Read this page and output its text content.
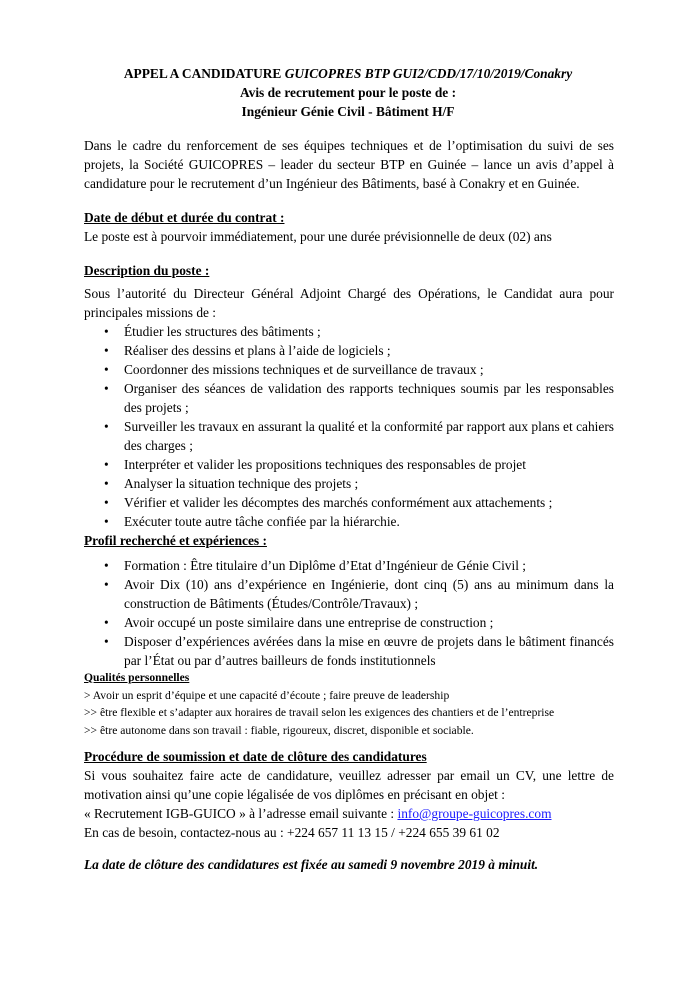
APPEL A CANDIDATURE GUICOPRES BTP GUI2/CDD/17/10/2019/Conakry
Avis de recrutement pour le poste de :
Ingénieur Génie Civil - Bâtiment H/F
Dans le cadre du renforcement de ses équipes techniques et de l’optimisation du suivi de ses projets, la Société GUICOPRES – leader du secteur BTP en Guinée – lance un avis d’appel à candidature pour le recrutement d’un Ingénieur des Bâtiments, basé à Conakry et en Guinée.
Date de début et durée du contrat :
Le poste est à pourvoir immédiatement, pour une durée prévisionnelle de deux (02) ans
Description du poste :
Sous l’autorité du Directeur Général Adjoint Chargé des Opérations, le Candidat aura pour principales missions de :
• Étudier les structures des bâtiments ;
• Réaliser des dessins et plans à l’aide de logiciels ;
• Coordonner des missions techniques et de surveillance de travaux ;
• Organiser des séances de validation des rapports techniques soumis par les responsables des projets ;
• Surveiller les travaux en assurant la qualité et la conformité par rapport aux plans et cahiers des charges ;
• Interpréter et valider les propositions techniques des responsables de projet
• Analyser la situation technique des projets ;
• Vérifier et valider les décomptes des marchés conformément aux attachements ;
• Exécuter toute autre tâche confiée par la hiérarchie.
Profil recherché et expériences :
• Formation : Être titulaire d’un Diplôme d’Etat d’Ingénieur de Génie Civil ;
• Avoir Dix (10) ans d’expérience en Ingénierie, dont cinq (5) ans au minimum dans la construction de Bâtiments (Études/Contrôle/Travaux) ;
• Avoir occupé un poste similaire dans une entreprise de construction ;
• Disposer d’expériences avérées dans la mise en œuvre de projets dans le bâtiment financés par l’État ou par d’autres bailleurs de fonds institutionnels
Qualités personnelles
> Avoir un esprit d’équipe et une capacité d’écoute ; faire preuve de leadership
>> être flexible et s’adapter aux horaires de travail selon les exigences des chantiers et de l’entreprise
>> être autonome dans son travail : fiable, rigoureux, discret, disponible et sociable.
Procédure de soumission et date de clôture des candidatures
Si vous souhaitez faire acte de candidature, veuillez adresser par email un CV, une lettre de motivation ainsi qu’une copie légalisée de vos diplômes en précisant en objet :
« Recrutement IGB-GUICO » à l’adresse email suivante : info@groupe-guicopres.com
En cas de besoin, contactez-nous au : +224 657 11 13 15 / +224 655 39 61 02
La date de clôture des candidatures est fixée au samedi 9 novembre 2019 à minuit.
